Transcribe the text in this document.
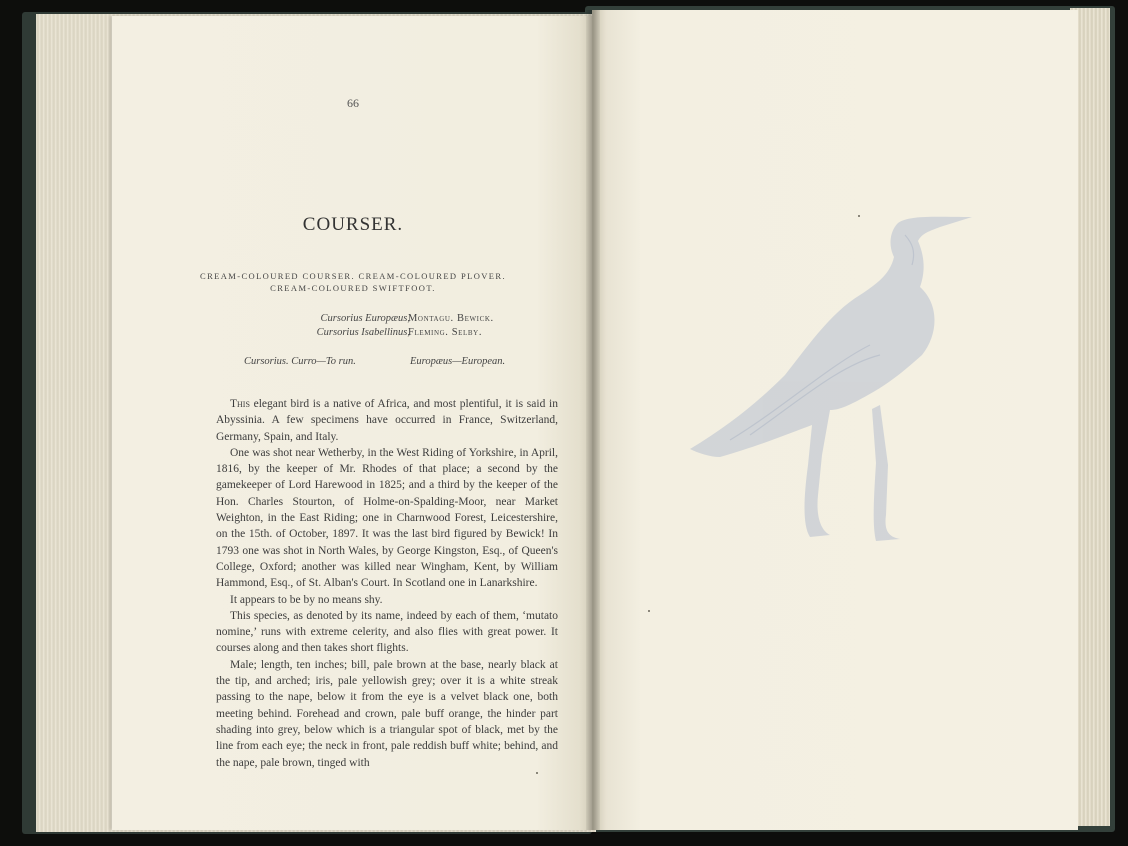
66
COURSER.
CREAM-COLOURED COURSER. CREAM-COLOURED PLOVER.
CREAM-COLOURED SWIFTFOOT.
Cursorius Europæus,
Montagu. Bewick.
Cursorius Isabellinus,
Fleming. Selby.
Cursorius. Curro—To run.	Europæus—European.

This elegant bird is a native of Africa, and most plentiful, it is said in Abyssinia. A few specimens have occurred in France, Switzerland, Germany, Spain, and Italy.

One was shot near Wetherby, in the West Riding of Yorkshire, in April, 1816, by the keeper of Mr. Rhodes of that place; a second by the gamekeeper of Lord Harewood in 1825; and a third by the keeper of the Hon. Charles Stourton, of Holme-on-Spalding-Moor, near Market Weighton, in the East Riding; one in Charnwood Forest, Leicestershire, on the 15th. of October, 1897. It was the last bird figured by Bewick! In 1793 one was shot in North Wales, by George Kingston, Esq., of Queen's College, Oxford; another was killed near Wingham, Kent, by William Hammond, Esq., of St. Alban's Court. In Scotland one in Lanarkshire.

It appears to be by no means shy.

This species, as denoted by its name, indeed by each of them, ‘mutato nomine,’ runs with extreme celerity, and also flies with great power. It courses along and then takes short flights.

Male; length, ten inches; bill, pale brown at the base, nearly black at the tip, and arched; iris, pale yellowish grey; over it is a white streak passing to the nape, below it from the eye is a velvet black one, both meeting behind. Forehead and crown, pale buff orange, the hinder part shading into grey, below which is a triangular spot of black, met by the line from each eye; the neck in front, pale reddish buff white; behind, and the nape, pale brown, tinged with
